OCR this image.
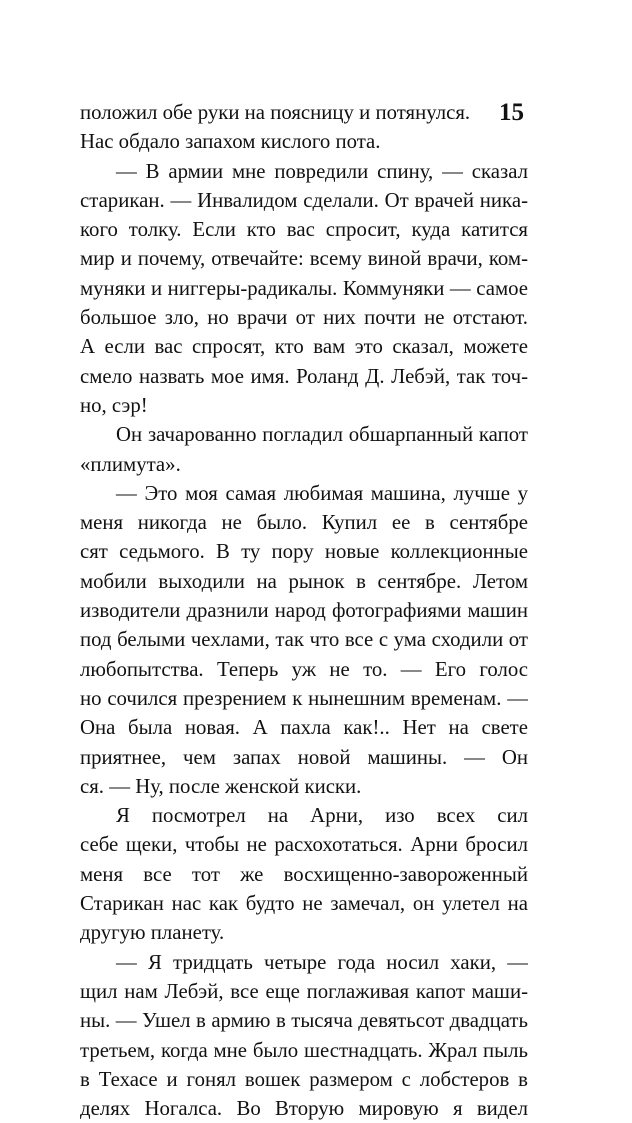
15
положил обе руки на поясницу и потянулся.
Нас обдало запахом кислого пота.
— В армии мне повредили спину, — сказал
старикан. — Инвалидом сделали. От врачей ника-
кого толку. Если кто вас спросит, куда катится
мир и почему, отвечайте: всему виной врачи, ком-
муняки и ниггеры-радикалы. Коммуняки — самое
большое зло, но врачи от них почти не отстают.
А если вас спросят, кто вам это сказал, можете
смело назвать мое имя. Роланд Д. Лебэй, так точ-
но, сэр!
Он зачарованно погладил обшарпанный капот
«плимута».
— Это моя самая любимая машина, лучше у
меня никогда не было. Купил ее в сентябре
сят седьмого. В ту пору новые коллекционные
мобили выходили на рынок в сентябре. Летом
изводители дразнили народ фотографиями машин
под белыми чехлами, так что все с ума сходили от
любопытства. Теперь уж не то. — Его голос
но сочился презрением к нынешним временам. —
Она была новая. А пахла как!.. Нет на свете
приятнее, чем запах новой машины. — Он
ся. — Ну, после женской киски.
Я посмотрел на Арни, изо всех сил
себе щеки, чтобы не расхохотаться. Арни бросил
меня все тот же восхищенно-завороженный
Старикан нас как будто не замечал, он улетел на
другую планету.
— Я тридцать четыре года носил хаки, —
щил нам Лебэй, все еще поглаживая капот маши-
ны. — Ушел в армию в тысяча девятьсот двадцать
третьем, когда мне было шестнадцать. Жрал пыль
в Техасе и гонял вошек размером с лобстеров в
делях Ногалса. Во Вторую мировую я видел
